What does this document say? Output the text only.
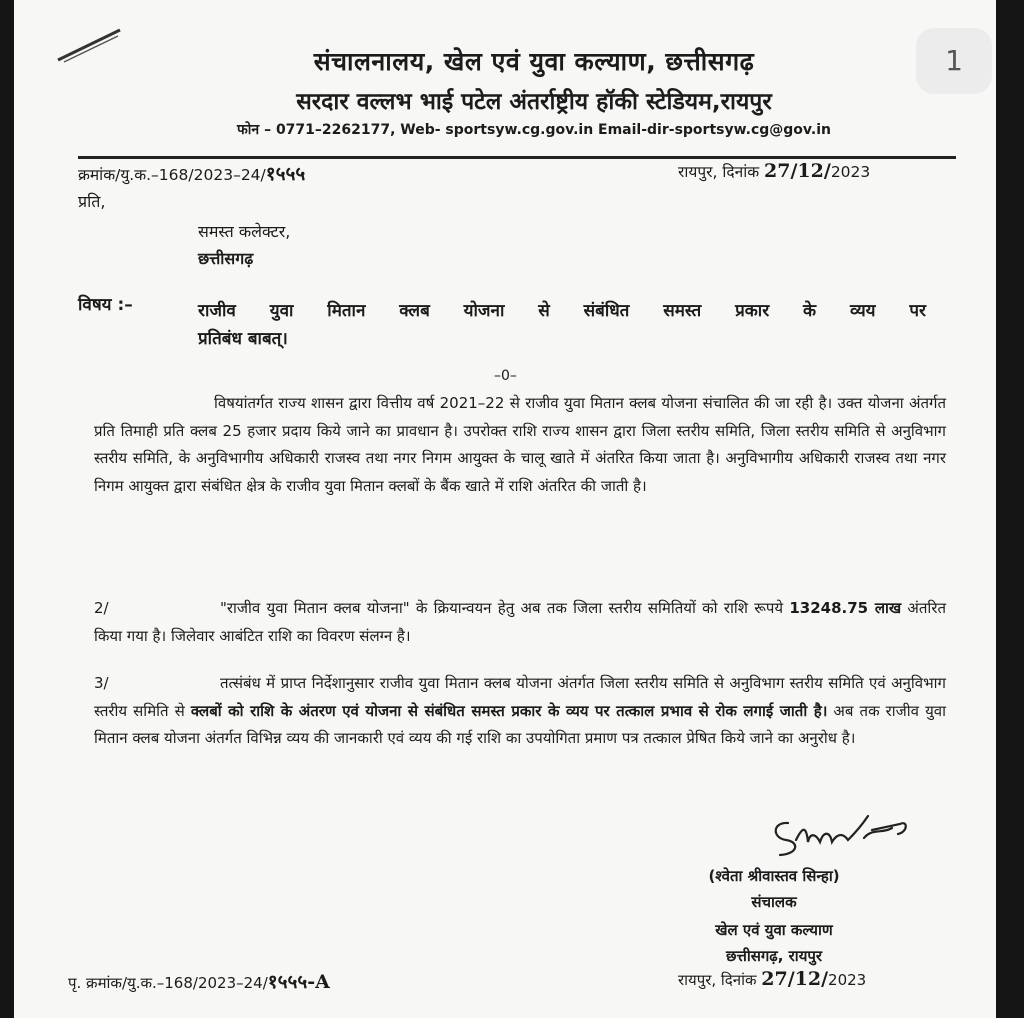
1
संचालनालय, खेल एवं युवा कल्याण, छत्तीसगढ़
सरदार वल्लभ भाई पटेल अंतर्राष्ट्रीय हॉकी स्टेडियम,रायपुर
फोन – 0771–2262177, Web- sportsyw.cg.gov.in Email-dir-sportsyw.cg@gov.in
क्रमांक/यु.क.–168/2023–24/१५५५	रायपुर, दिनांक 27/12/2023
प्रति,
समस्त कलेक्टर,
छत्तीसगढ़
विषय :–	राजीव युवा मितान क्लब योजना से संबंधित समस्त प्रकार के व्यय पर
प्रतिबंध बाबत्।
–0–

विषयांतर्गत राज्य शासन द्वारा वित्तीय वर्ष 2021–22 से राजीव युवा मितान क्लब योजना संचालित की जा रही है। उक्त योजना अंतर्गत प्रति तिमाही प्रति क्लब 25 हजार प्रदाय किये जाने का प्रावधान है। उपरोक्त राशि राज्य शासन द्वारा जिला स्तरीय समिति, जिला स्तरीय समिति से अनुविभाग स्तरीय समिति, के अनुविभागीय अधिकारी राजस्व तथा नगर निगम आयुक्त के चालू खाते में अंतरित किया जाता है। अनुविभागीय अधिकारी राजस्व तथा नगर निगम आयुक्त द्वारा संबंधित क्षेत्र के राजीव युवा मितान क्लबों के बैंक खाते में राशि अंतरित की जाती है।

2/	"राजीव युवा मितान क्लब योजना" के क्रियान्वयन हेतु अब तक जिला स्तरीय समितियों को राशि रूपये 13248.75 लाख अंतरित किया गया है। जिलेवार आबंटित राशि का विवरण संलग्न है।

3/	तत्संबंध में प्राप्त निर्देशानुसार राजीव युवा मितान क्लब योजना अंतर्गत जिला स्तरीय समिति से अनुविभाग स्तरीय समिति एवं अनुविभाग स्तरीय समिति से क्लबों को राशि के अंतरण एवं योजना से संबंधित समस्त प्रकार के व्यय पर तत्काल प्रभाव से रोक लगाई जाती है। अब तक राजीव युवा मितान क्लब योजना अंतर्गत विभिन्न व्यय की जानकारी एवं व्यय की गई राशि का उपयोगिता प्रमाण पत्र तत्काल प्रेषित किये जाने का अनुरोध है।

(श्वेता श्रीवास्तव सिन्हा)
संचालक
खेल एवं युवा कल्याण
छत्तीसगढ़, रायपुर
पृ. क्रमांक/यु.क.–168/2023–24/१५५५-A	रायपुर, दिनांक 27/12/2023
